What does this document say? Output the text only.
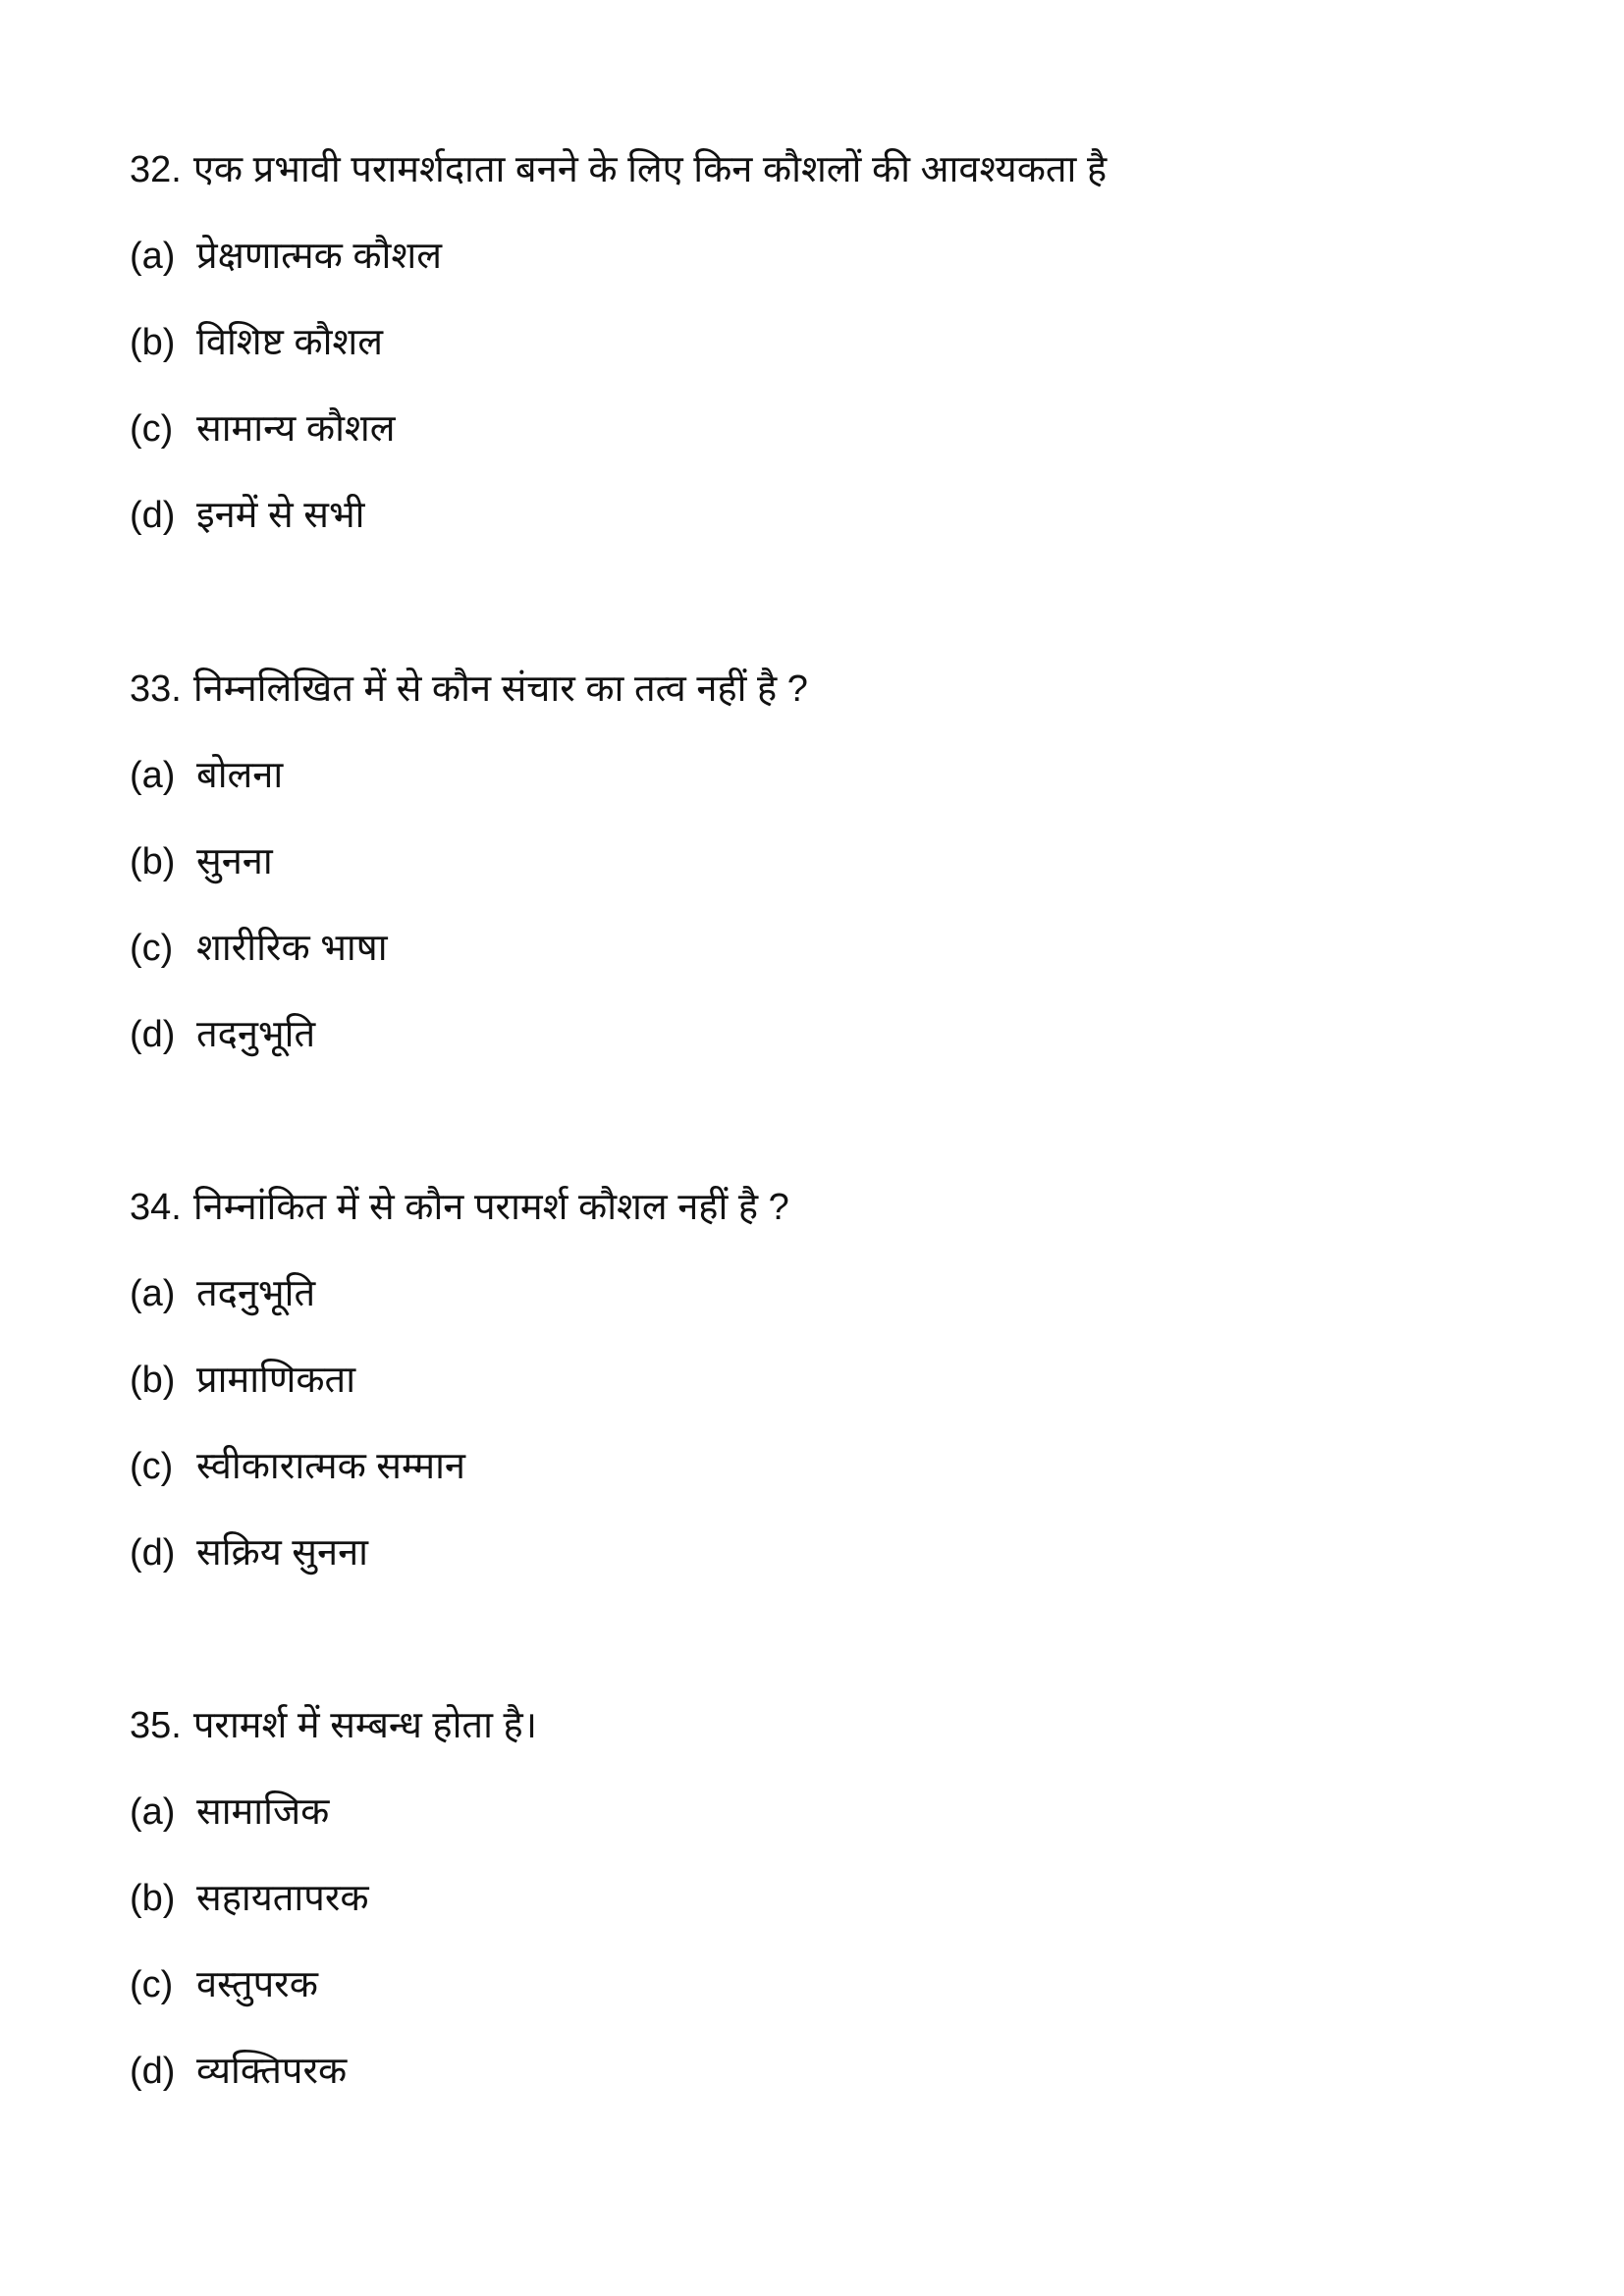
32. एक प्रभावी परामर्शदाता बनने के लिए किन कौशलों की आवश्यकता है
(a) प्रेक्षणात्मक कौशल
(b) विशिष्ट कौशल
(c) सामान्य कौशल
(d) इनमें से सभी
33. निम्नलिखित में से कौन संचार का तत्व नहीं है ?
(a) बोलना
(b) सुनना
(c) शारीरिक भाषा
(d) तदनुभूति
34. निम्नांकित में से कौन परामर्श कौशल नहीं है ?
(a) तदनुभूति
(b) प्रामाणिकता
(c) स्वीकारात्मक सम्मान
(d) सक्रिय सुनना
35. परामर्श में सम्बन्ध होता है।
(a) सामाजिक
(b) सहायतापरक
(c) वस्तुपरक
(d) व्यक्तिपरक
